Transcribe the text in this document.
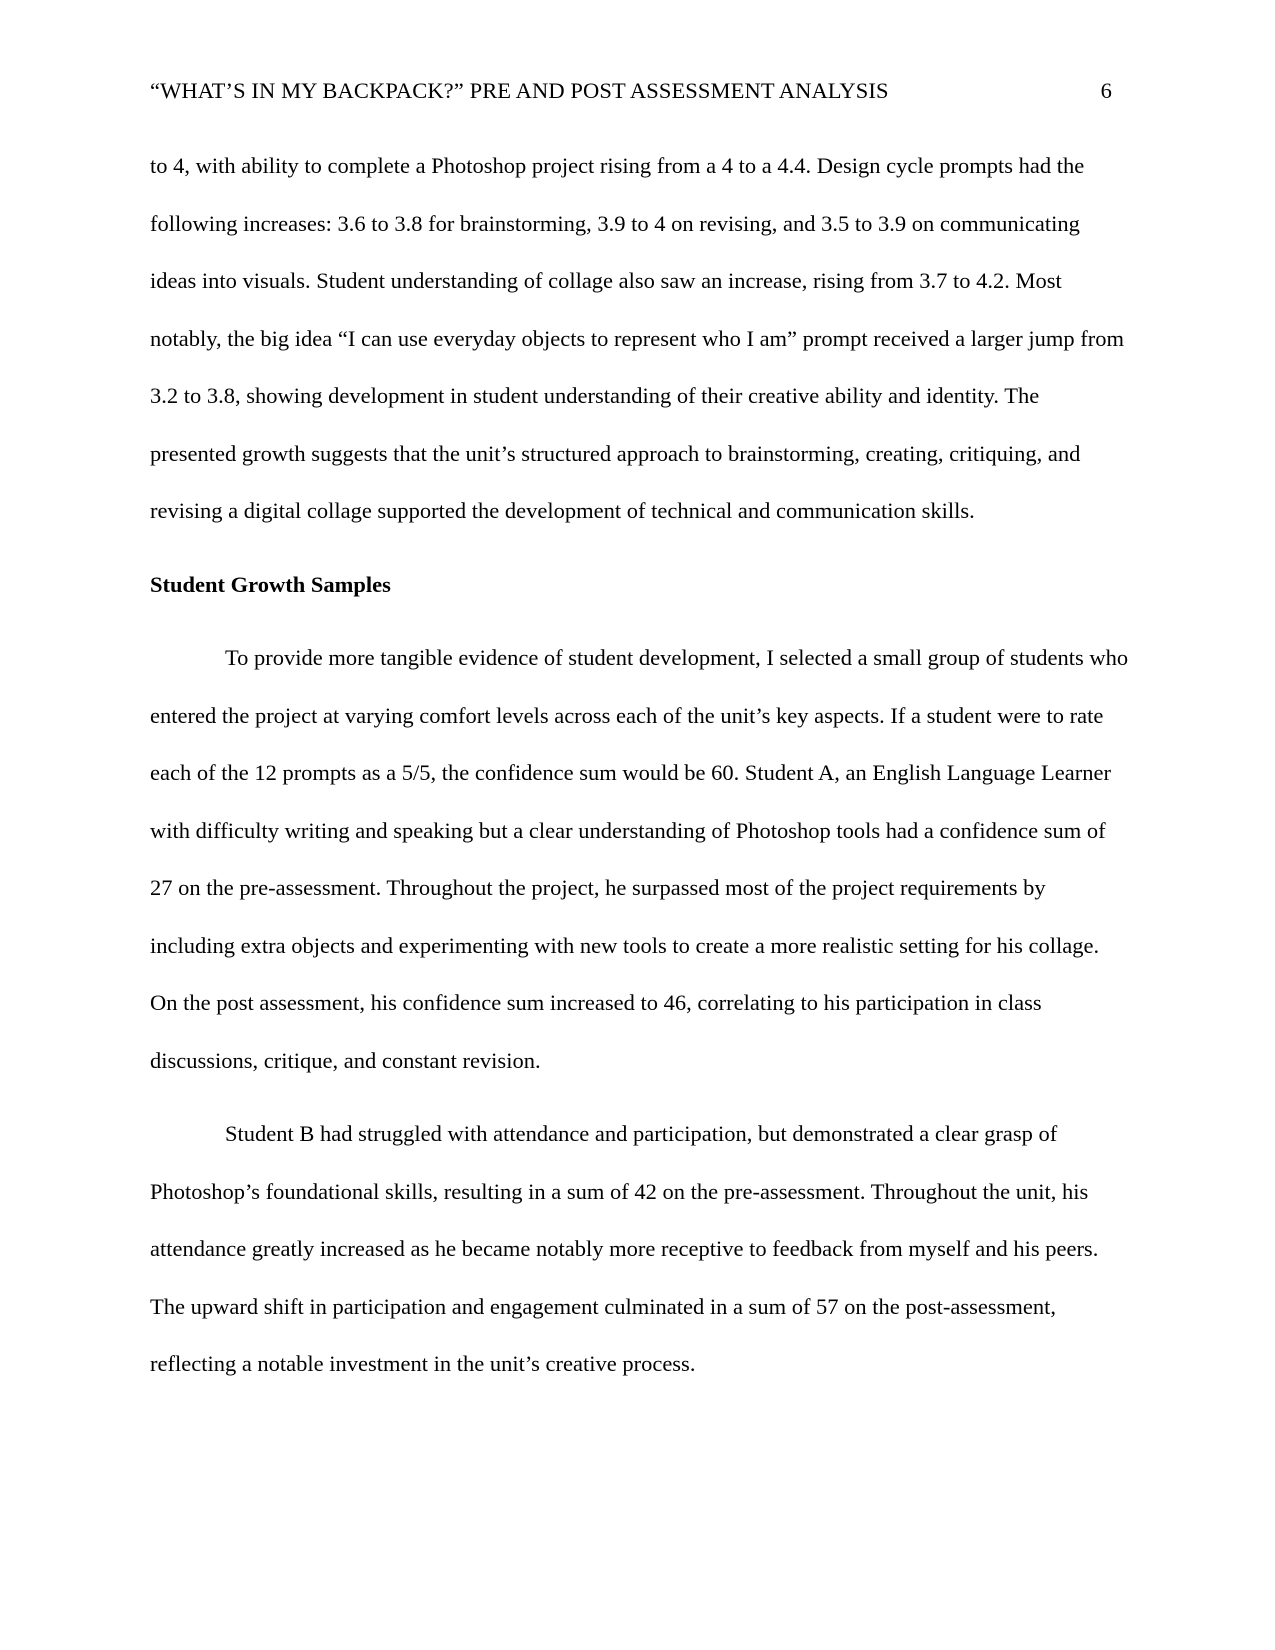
“WHAT’S IN MY BACKPACK?” PRE AND POST ASSESSMENT ANALYSIS	6

to 4, with ability to complete a Photoshop project rising from a 4 to a 4.4. Design cycle prompts had the following increases: 3.6 to 3.8 for brainstorming, 3.9 to 4 on revising, and 3.5 to 3.9 on communicating ideas into visuals. Student understanding of collage also saw an increase, rising from 3.7 to 4.2. Most notably, the big idea “I can use everyday objects to represent who I am” prompt received a larger jump from 3.2 to 3.8, showing development in student understanding of their creative ability and identity. The presented growth suggests that the unit’s structured approach to brainstorming, creating, critiquing, and revising a digital collage supported the development of technical and communication skills.

Student Growth Samples

To provide more tangible evidence of student development, I selected a small group of students who entered the project at varying comfort levels across each of the unit’s key aspects. If a student were to rate each of the 12 prompts as a 5/5, the confidence sum would be 60. Student A, an English Language Learner with difficulty writing and speaking but a clear understanding of Photoshop tools had a confidence sum of 27 on the pre-assessment. Throughout the project, he surpassed most of the project requirements by including extra objects and experimenting with new tools to create a more realistic setting for his collage. On the post assessment, his confidence sum increased to 46, correlating to his participation in class discussions, critique, and constant revision.

Student B had struggled with attendance and participation, but demonstrated a clear grasp of Photoshop’s foundational skills, resulting in a sum of 42 on the pre-assessment. Throughout the unit, his attendance greatly increased as he became notably more receptive to feedback from myself and his peers. The upward shift in participation and engagement culminated in a sum of 57 on the post-assessment, reflecting a notable investment in the unit’s creative process.
